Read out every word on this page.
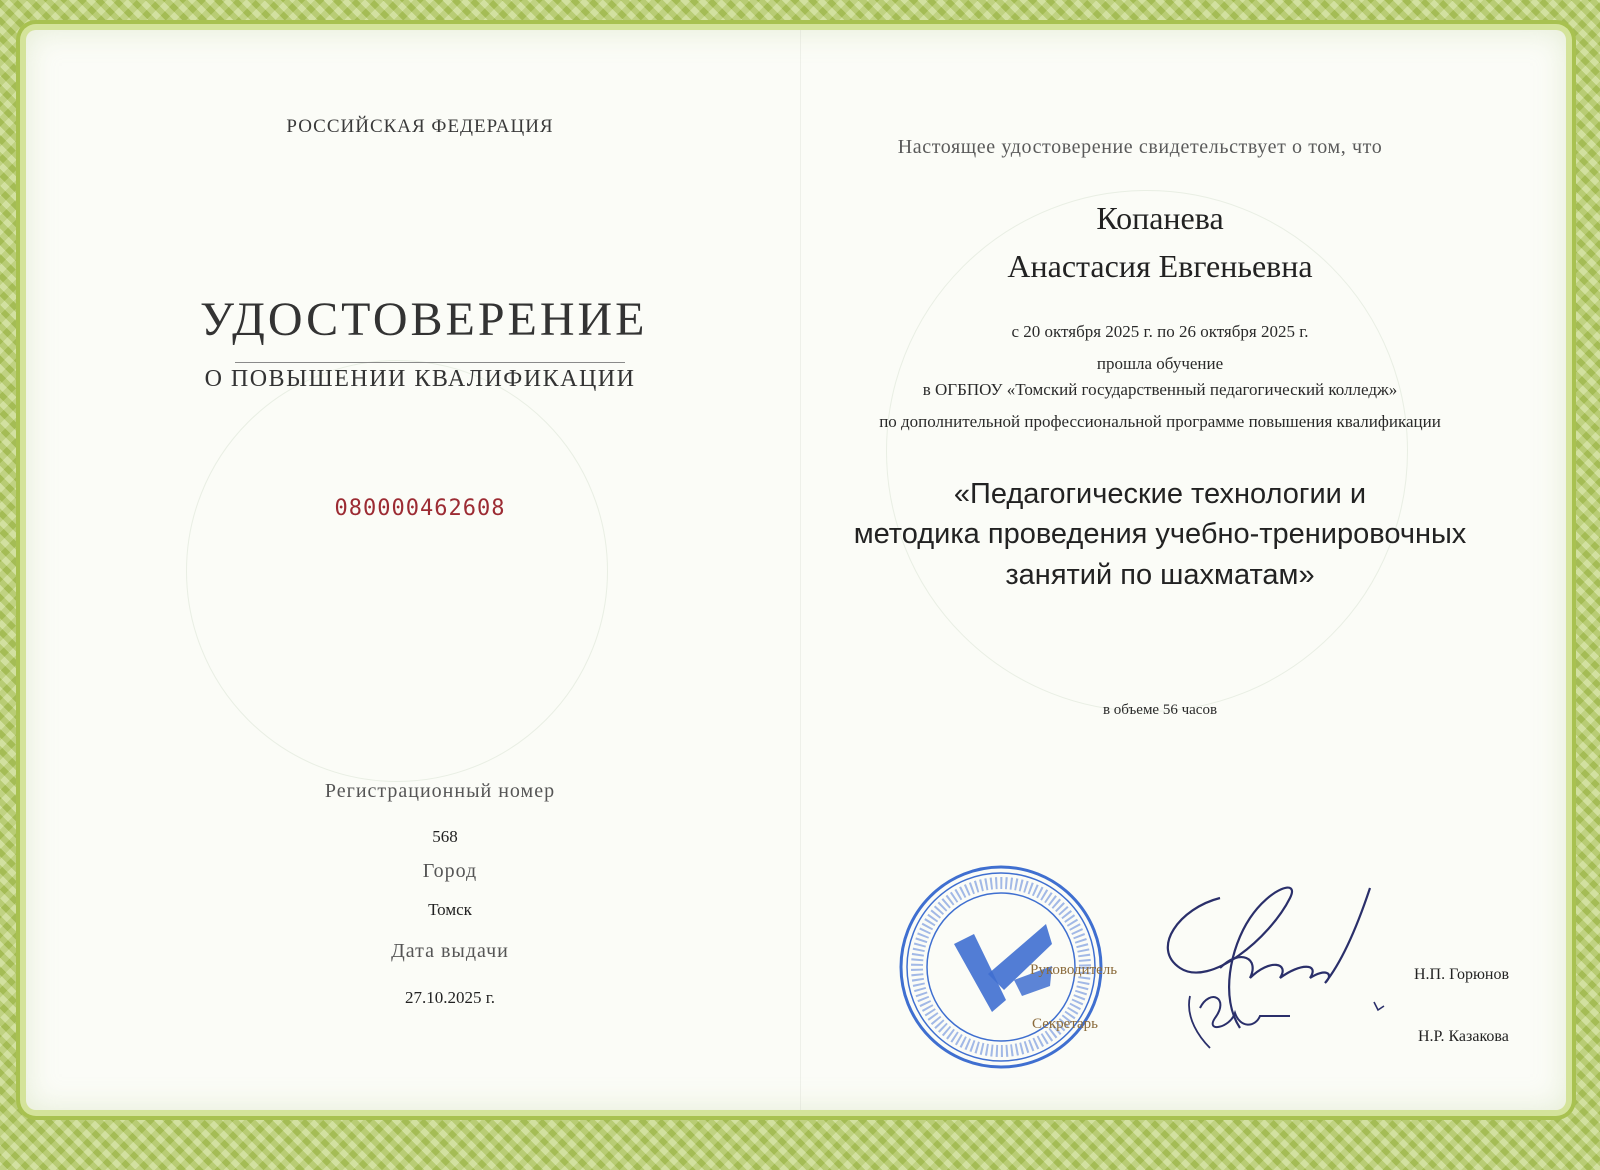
РОССИЙСКАЯ ФЕДЕРАЦИЯ

УДОСТОВЕРЕНИЕ

О ПОВЫШЕНИИ КВАЛИФИКАЦИИ

080000462608

Регистрационный номер

568

Город

Томск

Дата выдачи

27.10.2025 г.

Настоящее удостоверение свидетельствует о том, что

Копанева

Анастасия Евгеньевна

с 20 октября 2025 г. по 26 октября 2025 г.

прошла обучение

в ОГБПОУ «Томский государственный педагогический колледж»

по дополнительной профессиональной программе повышения квалификации

«Педагогические технологии и

методика проведения учебно-тренировочных

занятий по шахматам»

в объеме 56 часов

Руководитель

Секретарь

Н.П. Горюнов

Н.Р. Казакова
